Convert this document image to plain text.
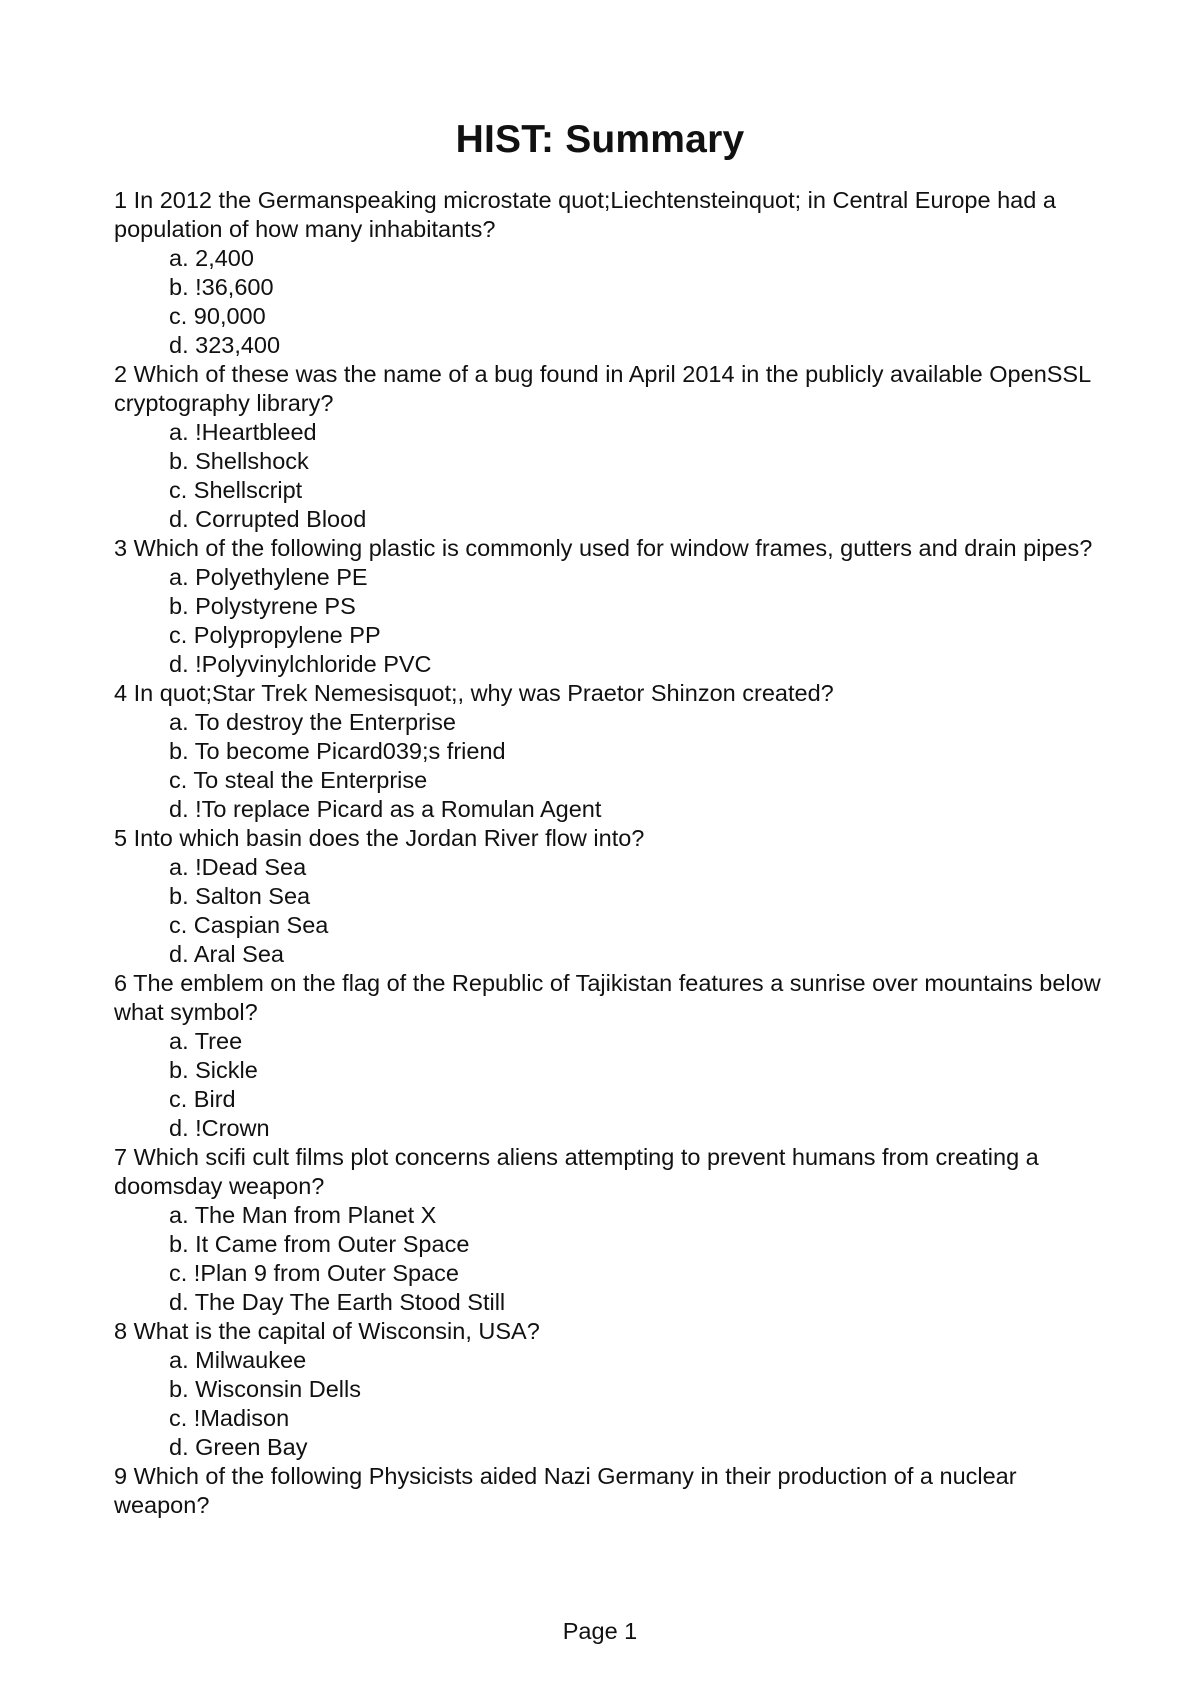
HIST: Summary

1 In 2012 the Germanspeaking microstate quot;Liechtensteinquot; in Central Europe had a population of how many inhabitants?

a. 2,400
b. !36,600
c. 90,000
d. 323,400

2 Which of these was the name of a bug found in April 2014 in the publicly available OpenSSL cryptography library?

a. !Heartbleed
b. Shellshock
c. Shellscript
d. Corrupted Blood

3 Which of the following plastic is commonly used for window frames, gutters and drain pipes?

a. Polyethylene PE
b. Polystyrene PS
c. Polypropylene PP
d. !Polyvinylchloride PVC

4 In quot;Star Trek Nemesisquot;, why was Praetor Shinzon created?

a. To destroy the Enterprise
b. To become Picard039;s friend
c. To steal the Enterprise
d. !To replace Picard as a Romulan Agent

5 Into which basin does the Jordan River flow into?

a. !Dead Sea
b. Salton Sea
c. Caspian Sea
d. Aral Sea

6 The emblem on the flag of the Republic of Tajikistan features a sunrise over mountains below what symbol?

a. Tree
b. Sickle
c. Bird
d. !Crown

7 Which scifi cult films plot concerns aliens attempting to prevent humans from creating a doomsday weapon?

a. The Man from Planet X
b. It Came from Outer Space
c. !Plan 9 from Outer Space
d. The Day The Earth Stood Still

8 What is the capital of Wisconsin, USA?

a. Milwaukee
b. Wisconsin Dells
c. !Madison
d. Green Bay

9 Which of the following Physicists aided Nazi Germany in their production of a nuclear weapon?

Page 1
